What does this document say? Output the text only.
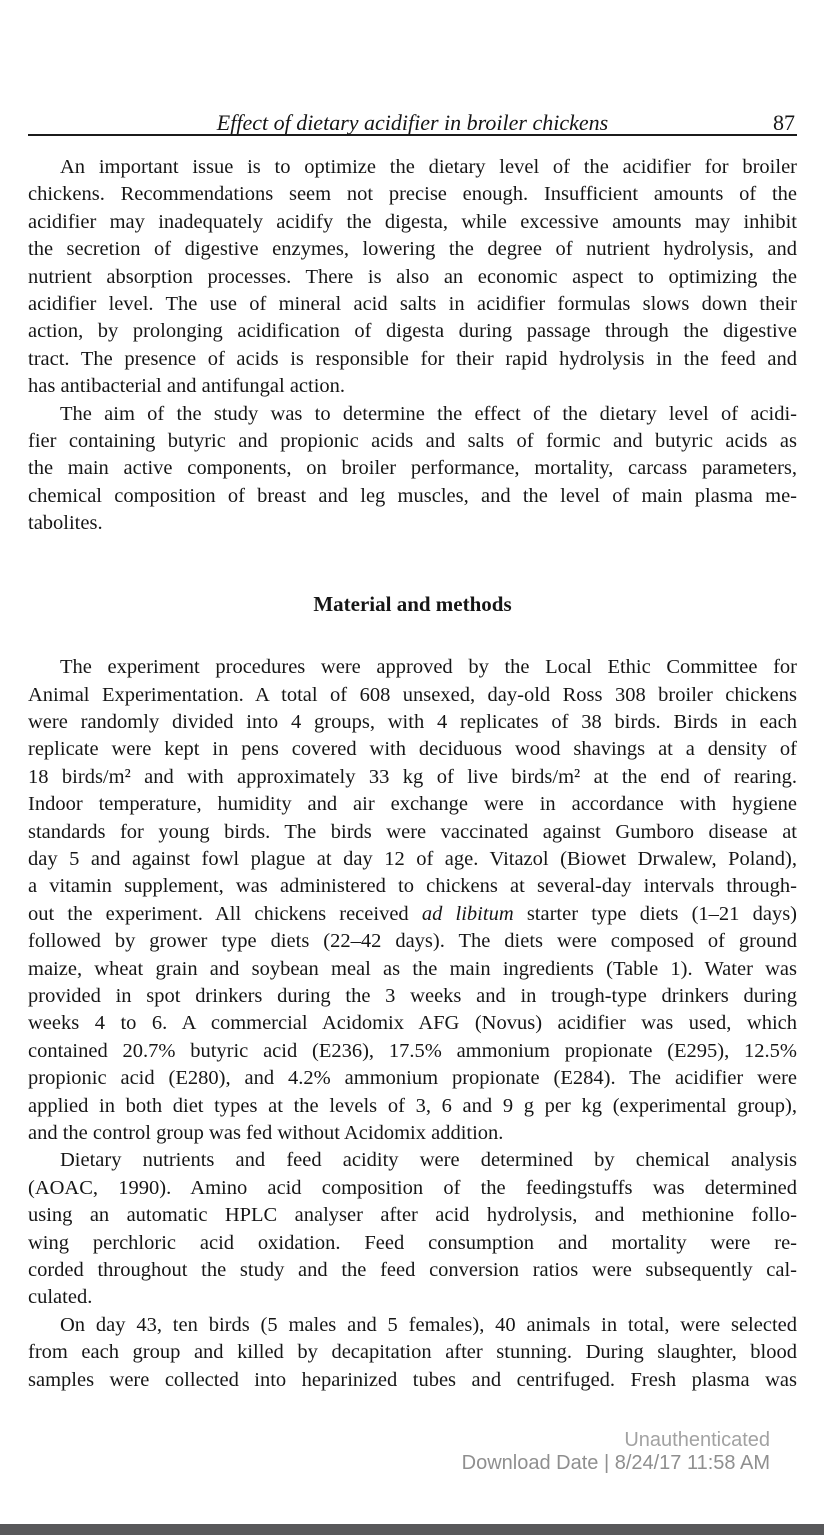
Effect of dietary acidifier in broiler chickens	87
An important issue is to optimize the dietary level of the acidifier for broiler
chickens. Recommendations seem not precise enough. Insufficient amounts of the
acidifier may inadequately acidify the digesta, while excessive amounts may inhibit
the secretion of digestive enzymes, lowering the degree of nutrient hydrolysis, and
nutrient absorption processes. There is also an economic aspect to optimizing the
acidifier level. The use of mineral acid salts in acidifier formulas slows down their
action, by prolonging acidification of digesta during passage through the digestive
tract. The presence of acids is responsible for their rapid hydrolysis in the feed and
has antibacterial and antifungal action.
The aim of the study was to determine the effect of the dietary level of acidi-
fier containing butyric and propionic acids and salts of formic and butyric acids as
the main active components, on broiler performance, mortality, carcass parameters,
chemical composition of breast and leg muscles, and the level of main plasma me-
tabolites.
Material and methods
The experiment procedures were approved by the Local Ethic Committee for
Animal Experimentation. A total of 608 unsexed, day-old Ross 308 broiler chickens
were randomly divided into 4 groups, with 4 replicates of 38 birds. Birds in each
replicate were kept in pens covered with deciduous wood shavings at a density of
18 birds/m² and with approximately 33 kg of live birds/m² at the end of rearing.
Indoor temperature, humidity and air exchange were in accordance with hygiene
standards for young birds. The birds were vaccinated against Gumboro disease at
day 5 and against fowl plague at day 12 of age. Vitazol (Biowet Drwalew, Poland),
a vitamin supplement, was administered to chickens at several-day intervals through-
out the experiment. All chickens received ad libitum starter type diets (1–21 days)
followed by grower type diets (22–42 days). The diets were composed of ground
maize, wheat grain and soybean meal as the main ingredients (Table 1). Water was
provided in spot drinkers during the 3 weeks and in trough-type drinkers during
weeks 4 to 6. A commercial Acidomix AFG (Novus) acidifier was used, which
contained 20.7% butyric acid (E236), 17.5% ammonium propionate (E295), 12.5%
propionic acid (E280), and 4.2% ammonium propionate (E284). The acidifier were
applied in both diet types at the levels of 3, 6 and 9 g per kg (experimental group),
and the control group was fed without Acidomix addition.
Dietary nutrients and feed acidity were determined by chemical analysis
(AOAC, 1990). Amino acid composition of the feedingstuffs was determined
using an automatic HPLC analyser after acid hydrolysis, and methionine follo-
wing perchloric acid oxidation. Feed consumption and mortality were re-
corded throughout the study and the feed conversion ratios were subsequently cal-
culated.
On day 43, ten birds (5 males and 5 females), 40 animals in total, were selected
from each group and killed by decapitation after stunning. During slaughter, blood
samples were collected into heparinized tubes and centrifuged. Fresh plasma was
Unauthenticated
Download Date | 8/24/17 11:58 AM
